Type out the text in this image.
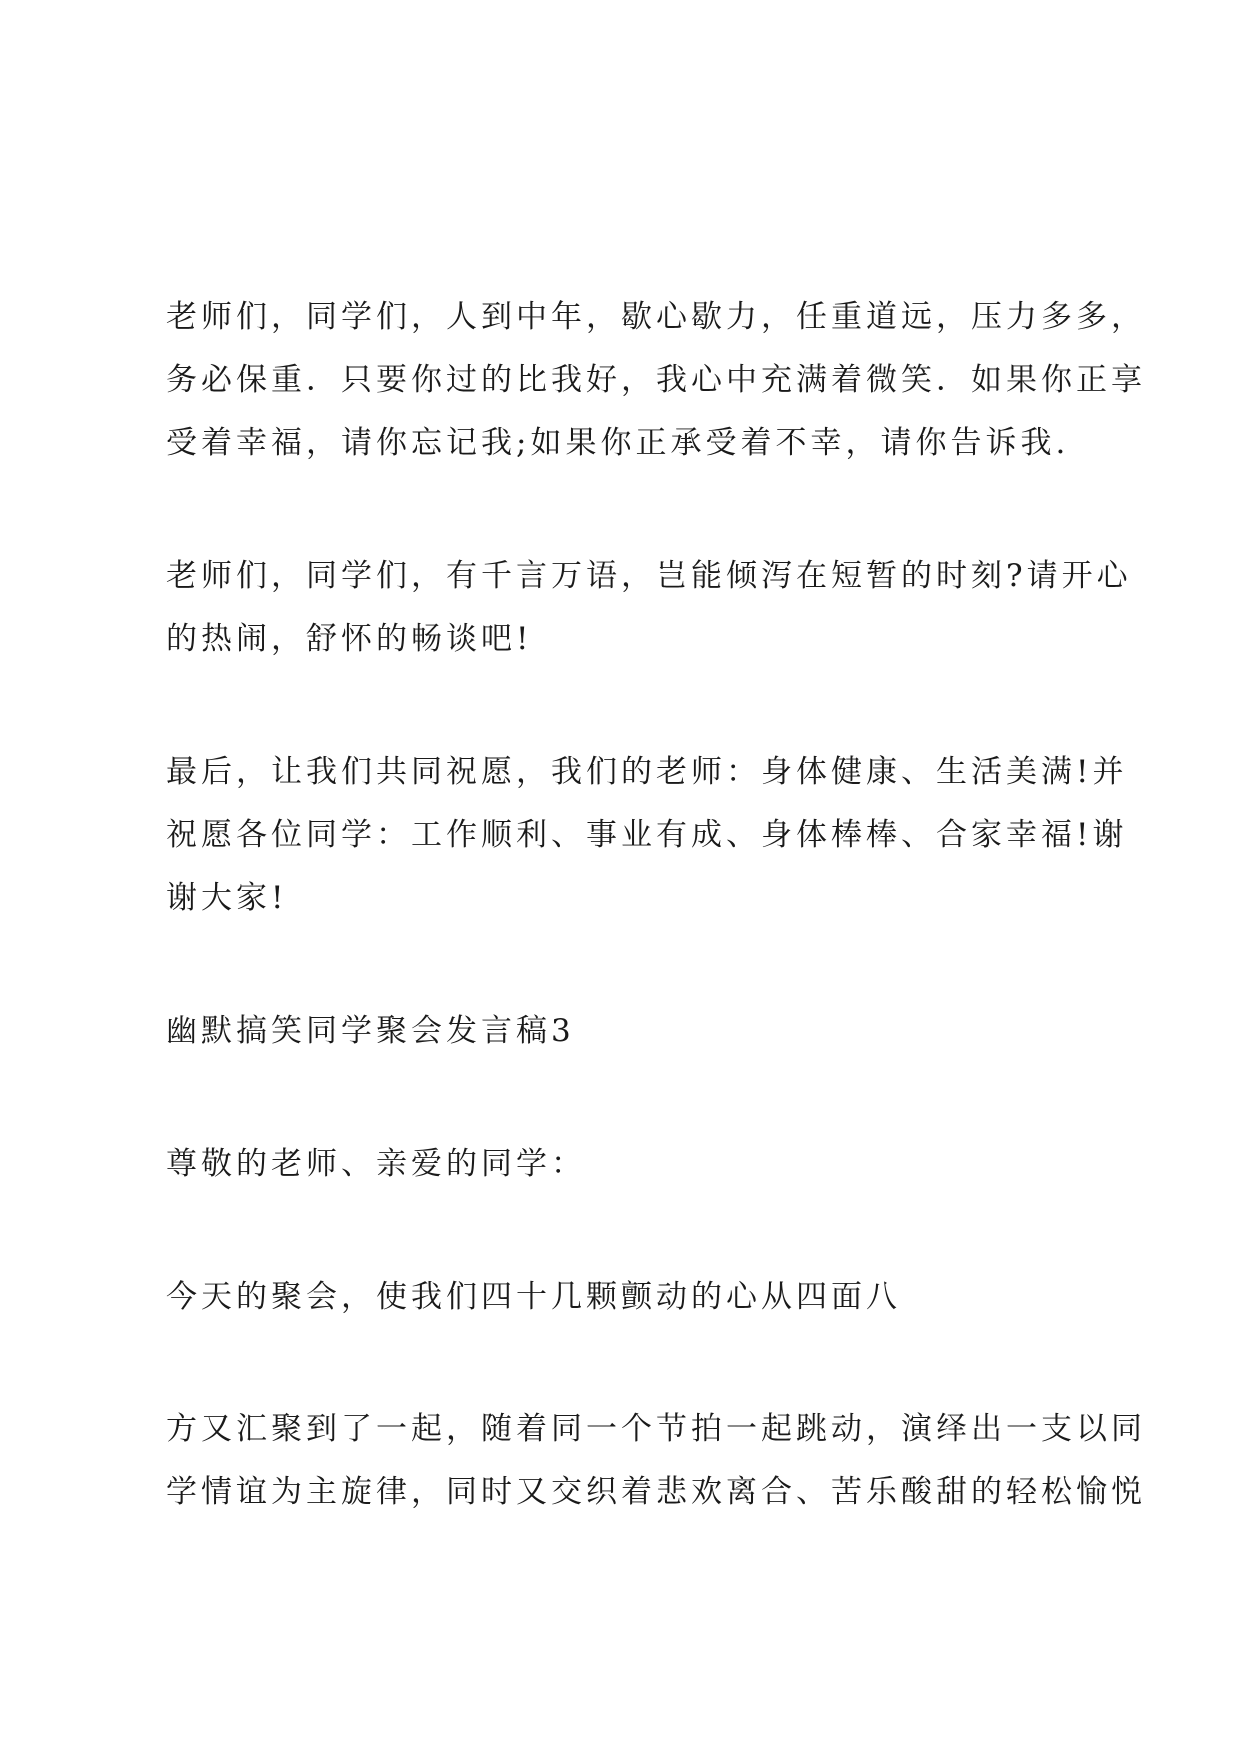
老师们，同学们，人到中年，歇心歇力，任重道远，压力多多，

务必保重．只要你过的比我好，我心中充满着微笑．如果你正享

受着幸福，请你忘记我;如果你正承受着不幸，请你告诉我.

老师们，同学们，有千言万语，岂能倾泻在短暂的时刻?请开心

的热闹，舒怀的畅谈吧!

最后，让我们共同祝愿，我们的老师：身体健康、生活美满!并

祝愿各位同学：工作顺利、事业有成、身体棒棒、合家幸福!谢

谢大家!

幽默搞笑同学聚会发言稿3

尊敬的老师、亲爱的同学：

今天的聚会，使我们四十几颗颤动的心从四面八

方又汇聚到了一起，随着同一个节拍一起跳动，演绎出一支以同

学情谊为主旋律，同时又交织着悲欢离合、苦乐酸甜的轻松愉悦
